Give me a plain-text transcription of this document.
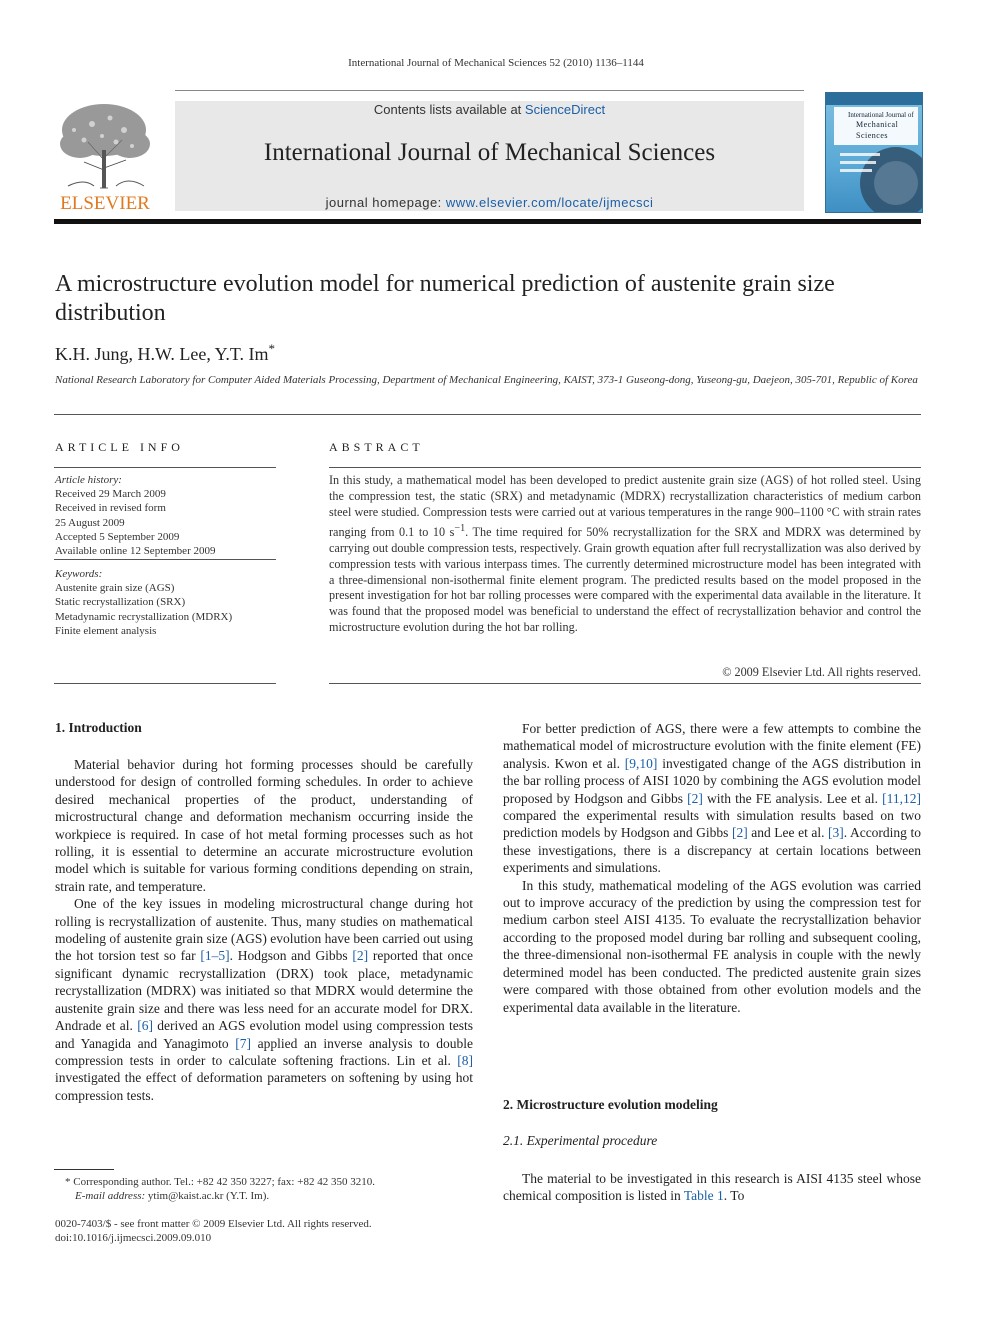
International Journal of Mechanical Sciences 52 (2010) 1136–1144
ELSEVIER
Contents lists available at ScienceDirect
International Journal of Mechanical Sciences
journal homepage: www.elsevier.com/locate/ijmecsci
International Journal of
Mechanical
Sciences
A microstructure evolution model for numerical prediction of austenite grain size distribution
K.H. Jung, H.W. Lee, Y.T. Im*
National Research Laboratory for Computer Aided Materials Processing, Department of Mechanical Engineering, KAIST, 373-1 Guseong-dong, Yuseong-gu, Daejeon, 305-701, Republic of Korea
ARTICLE INFO
Article history:
Received 29 March 2009
Received in revised form
25 August 2009
Accepted 5 September 2009
Available online 12 September 2009
Keywords:
Austenite grain size (AGS)
Static recrystallization (SRX)
Metadynamic recrystallization (MDRX)
Finite element analysis
ABSTRACT
In this study, a mathematical model has been developed to predict austenite grain size (AGS) of hot rolled steel. Using the compression test, the static (SRX) and metadynamic (MDRX) recrystallization characteristics of medium carbon steel were studied. Compression tests were carried out at various temperatures in the range 900–1100 °C with strain rates ranging from 0.1 to 10 $s^{-1}$. The time required for 50% recrystallization for the SRX and MDRX was determined by carrying out double compression tests, respectively. Grain growth equation after full recrystallization was also derived by compression tests with various interpass times. The currently determined microstructure model has been integrated with a three-dimensional non-isothermal finite element program. The predicted results based on the model proposed in the present investigation for hot bar rolling processes were compared with the experimental data available in the literature. It was found that the proposed model was beneficial to understand the effect of recrystallization behavior and control the microstructure evolution during the hot bar rolling.
© 2009 Elsevier Ltd. All rights reserved.
1. Introduction

Material behavior during hot forming processes should be carefully understood for design of controlled forming schedules. In order to achieve desired mechanical properties of the product, understanding of microstructural change and deformation mechanism occurring inside the workpiece is required. In case of hot metal forming processes such as hot rolling, it is essential to determine an accurate microstructure evolution model which is suitable for various forming conditions depending on strain, strain rate, and temperature.

One of the key issues in modeling microstructural change during hot rolling is recrystallization of austenite. Thus, many studies on mathematical modeling of austenite grain size (AGS) evolution have been carried out using the hot torsion test so far [1–5]. Hodgson and Gibbs [2] reported that once significant dynamic recrystallization (DRX) took place, metadynamic recrystallization (MDRX) was initiated so that MDRX would determine the austenite grain size and there was less need for an accurate model for DRX. Andrade et al. [6] derived an AGS evolution model using compression tests and Yanagida and Yanagimoto [7] applied an inverse analysis to double compression tests in order to calculate softening fractions. Lin et al. [8] investigated the effect of deformation parameters on softening by using hot compression tests.

* Corresponding author. Tel.: +82 42 350 3227; fax: +82 42 350 3210.
E-mail address: ytim@kaist.ac.kr (Y.T. Im).
0020-7403/$ - see front matter © 2009 Elsevier Ltd. All rights reserved.
doi:10.1016/j.ijmecsci.2009.09.010

For better prediction of AGS, there were a few attempts to combine the mathematical model of microstructure evolution with the finite element (FE) analysis. Kwon et al. [9,10] investigated change of the AGS distribution in the bar rolling process of AISI 1020 by combining the AGS evolution model proposed by Hodgson and Gibbs [2] with the FE analysis. Lee et al. [11,12] compared the experimental results with simulation results based on two prediction models by Hodgson and Gibbs [2] and Lee et al. [3]. According to these investigations, there is a discrepancy at certain locations between experiments and simulations.

In this study, mathematical modeling of the AGS evolution was carried out to improve accuracy of the prediction by using the compression test for medium carbon steel AISI 4135. To evaluate the recrystallization behavior according to the proposed model during bar rolling and subsequent cooling, the three-dimensional non-isothermal FE analysis in couple with the newly determined model has been conducted. The predicted austenite grain sizes were compared with those obtained from other evolution models and the experimental data available in the literature.

2. Microstructure evolution modeling
2.1. Experimental procedure

The material to be investigated in this research is AISI 4135 steel whose chemical composition is listed in Table 1. To
